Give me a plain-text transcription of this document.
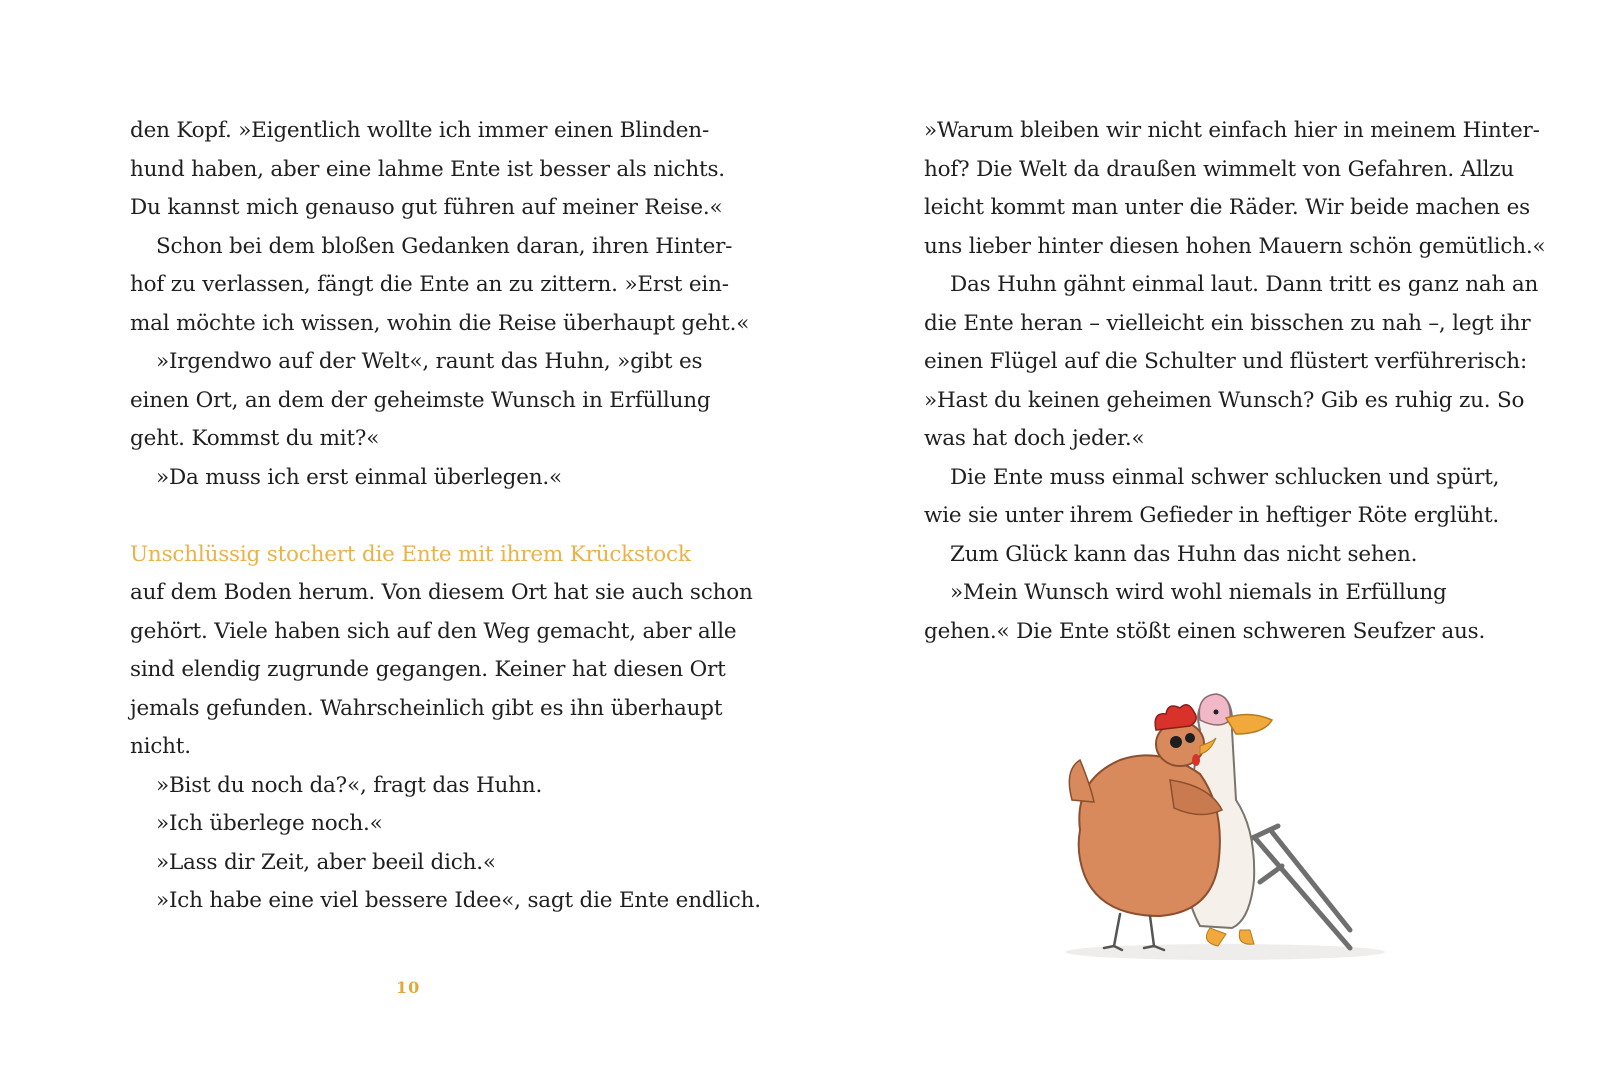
den Kopf. »Eigentlich wollte ich immer einen Blinden-
hund haben, aber eine lahme Ente ist besser als nichts.
Du kannst mich genauso gut führen auf meiner Reise.«
Schon bei dem bloßen Gedanken daran, ihren Hinter-
hof zu verlassen, fängt die Ente an zu zittern. »Erst ein-
mal möchte ich wissen, wohin die Reise überhaupt geht.«
»Irgendwo auf der Welt«, raunt das Huhn, »gibt es
einen Ort, an dem der geheimste Wunsch in Erfüllung
geht. Kommst du mit?«
»Da muss ich erst einmal überlegen.«
Unschlüssig stochert die Ente mit ihrem Krückstock
auf dem Boden herum. Von diesem Ort hat sie auch schon
gehört. Viele haben sich auf den Weg gemacht, aber alle
sind elendig zugrunde gegangen. Keiner hat diesen Ort
jemals gefunden. Wahrscheinlich gibt es ihn überhaupt
nicht.
»Bist du noch da?«, fragt das Huhn.
»Ich überlege noch.«
»Lass dir Zeit, aber beeil dich.«
»Ich habe eine viel bessere Idee«, sagt die Ente endlich.
10
»Warum bleiben wir nicht einfach hier in meinem Hinter-
hof? Die Welt da draußen wimmelt von Gefahren. Allzu
leicht kommt man unter die Räder. Wir beide machen es
uns lieber hinter diesen hohen Mauern schön gemütlich.«
Das Huhn gähnt einmal laut. Dann tritt es ganz nah an
die Ente heran – vielleicht ein bisschen zu nah –, legt ihr
einen Flügel auf die Schulter und flüstert verführerisch:
»Hast du keinen geheimen Wunsch? Gib es ruhig zu. So
was hat doch jeder.«
Die Ente muss einmal schwer schlucken und spürt,
wie sie unter ihrem Gefieder in heftiger Röte erglüht.
Zum Glück kann das Huhn das nicht sehen.
»Mein Wunsch wird wohl niemals in Erfüllung
gehen.« Die Ente stößt einen schweren Seufzer aus.
